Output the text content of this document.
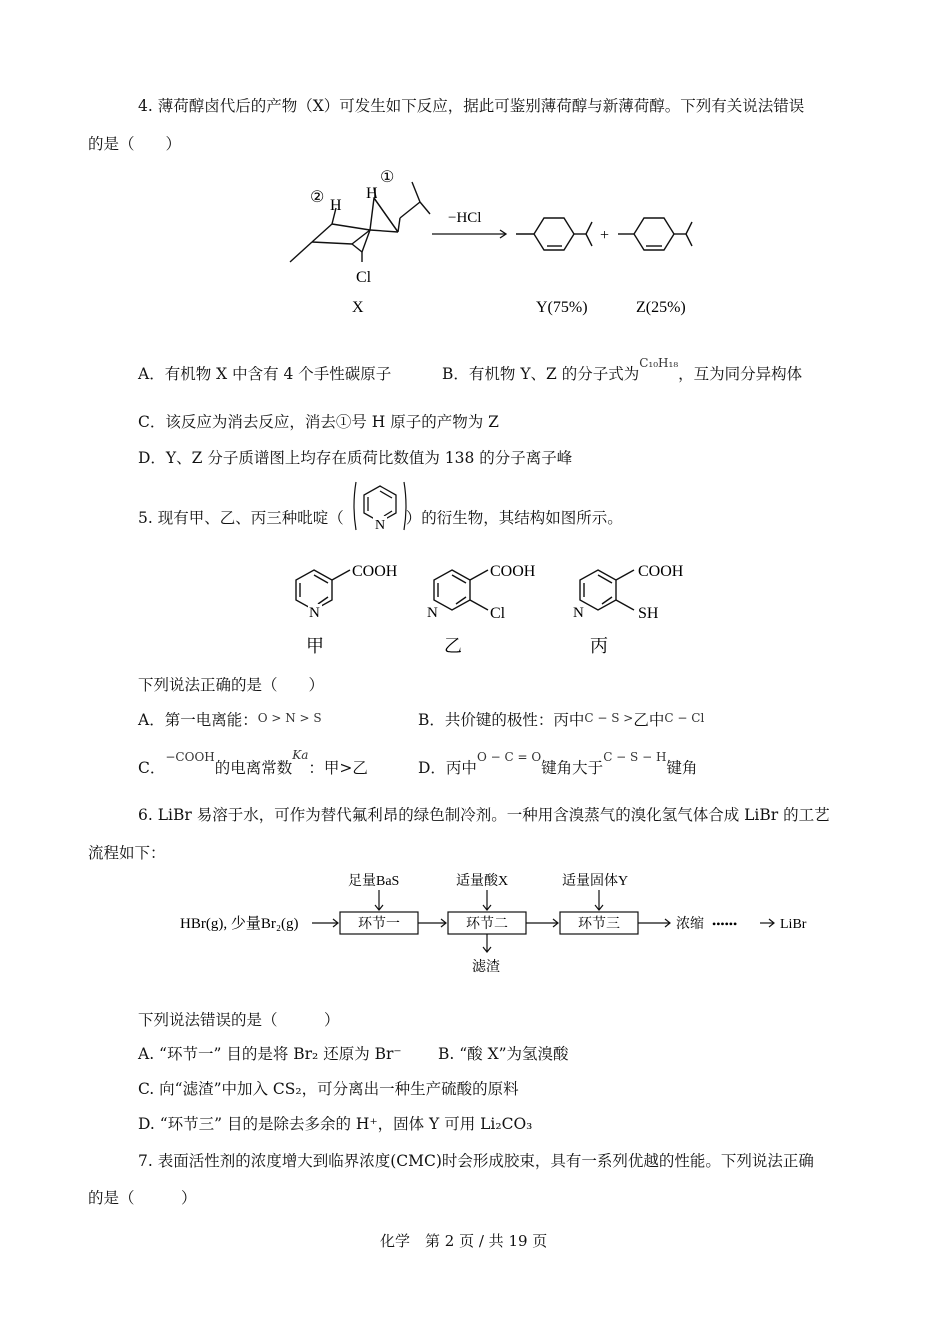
4. 薄荷醇卤代后的产物（X）可发生如下反应，据此可鉴别薄荷醇与新薄荷醇。下列有关说法错误
的是（　　）
② H
H
①
Cl
X
−HCl
+
Y(75%)	Z(25%)
A．有机物 X 中含有 4 个手性碳原子	B．有机物 Y、Z 的分子式为$^{C_{10}H_{18}}$，互为同分异构体
C．该反应为消去反应，消去①号 H 原子的产物为 Z
D．Y、Z 分子质谱图上均存在质荷比数值为 138 的分子离子峰
5. 现有甲、乙、丙三种吡啶（	）的衍生物，其结构如图所示。
N
N
COOH
甲
N
COOH
Cl
乙
N
COOH
SH
丙
下列说法正确的是（　　）
A．第一电离能：O > N > S	B．共价键的极性：丙中C − S >乙中C − Cl
C．$^{-COOH}$的电离常数$^{Ka}$：甲>乙	D．丙中$^{O - C = O}$键角大于$^{C - S - H}$键角
6. LiBr 易溶于水，可作为替代氟利昂的绿色制冷剂。一种用含溴蒸气的溴化氢气体合成 LiBr 的工艺
流程如下：
HBr(g), 少量Br₂(g)	环节一	环节二	环节三
足量BaS	适量酸X	适量固体Y
滤渣
浓缩 ••••••	LiBr
下列说法错误的是（　　　）
A. “环节一” 目的是将 Br₂ 还原为 Br⁻ B. “酸 X”为氢溴酸
C. 向“滤渣”中加入 CS₂，可分离出一种生产硫酸的原料
D. “环节三” 目的是除去多余的 H⁺，固体 Y 可用 Li₂CO₃
7. 表面活性剂的浓度增大到临界浓度(CMC)时会形成胶束，具有一系列优越的性能。下列说法正确
的是（　　　）
化学　第 2 页 / 共 19 页
